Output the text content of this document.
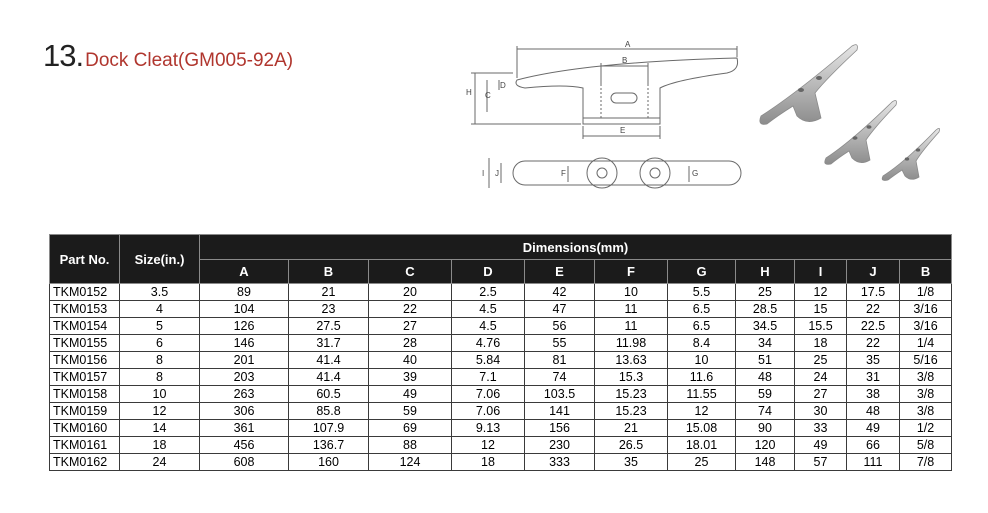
13. Dock Cleat(GM005-92A)
A
B
C
D
E
H
I J	F	G
Part No.	Size(in.)	Dimensions(mm)										
		A	B	C	D	E	F	G	H	I	J	B
TKM0152	3.5	89	21	20	2.5	42	10	5.5	25	12	17.5	1/8
TKM0153	4	104	23	22	4.5	47	11	6.5	28.5	15	22	3/16
TKM0154	5	126	27.5	27	4.5	56	11	6.5	34.5	15.5	22.5	3/16
TKM0155	6	146	31.7	28	4.76	55	11.98	8.4	34	18	22	1/4
TKM0156	8	201	41.4	40	5.84	81	13.63	10	51	25	35	5/16
TKM0157	8	203	41.4	39	7.1	74	15.3	11.6	48	24	31	3/8
TKM0158	10	263	60.5	49	7.06	103.5	15.23	11.55	59	27	38	3/8
TKM0159	12	306	85.8	59	7.06	141	15.23	12	74	30	48	3/8
TKM0160	14	361	107.9	69	9.13	156	21	15.08	90	33	49	1/2
TKM0161	18	456	136.7	88	12	230	26.5	18.01	120	49	66	5/8
TKM0162	24	608	160	124	18	333	35	25	148	57	111	7/8
